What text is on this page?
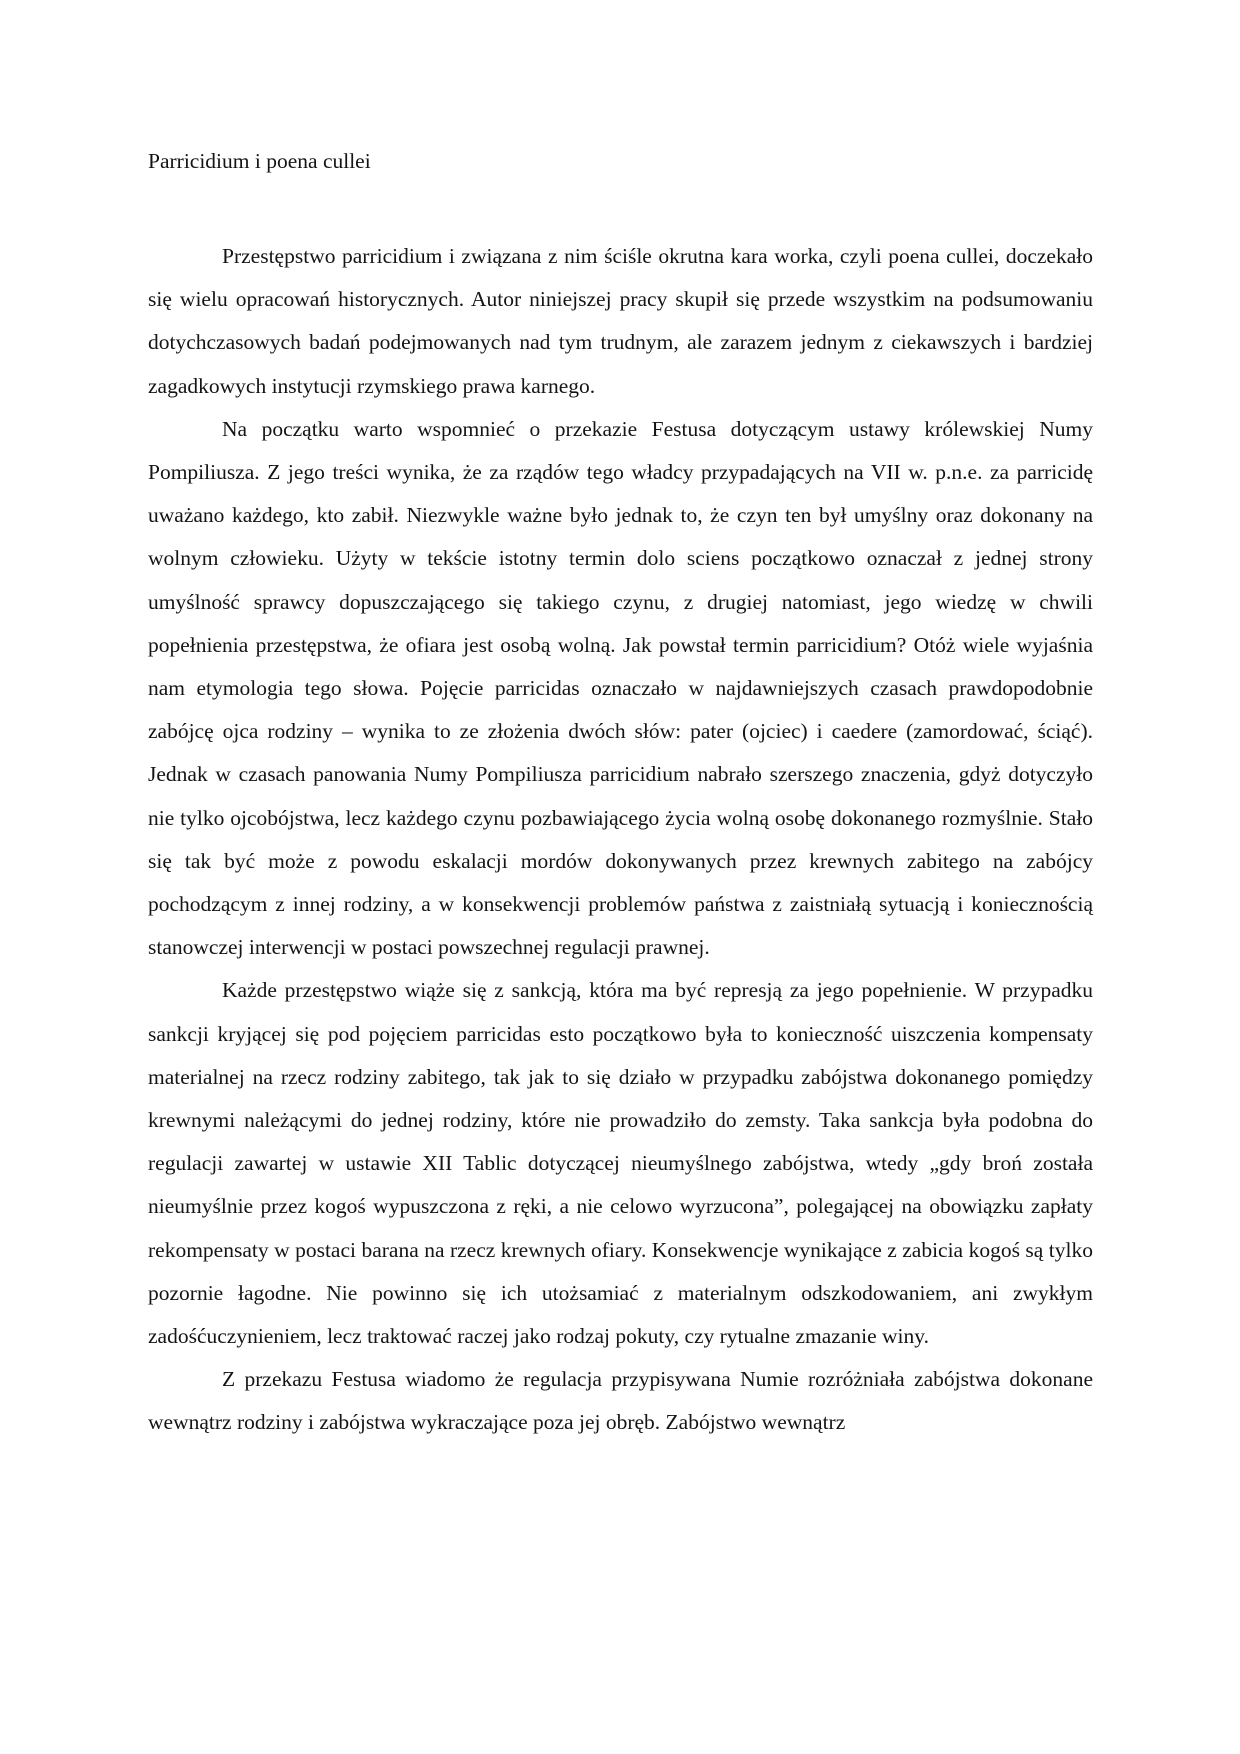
Parricidium i poena cullei

Przestępstwo parricidium i związana z nim ściśle okrutna kara worka, czyli poena cullei, doczekało się wielu opracowań historycznych. Autor niniejszej pracy skupił się przede wszystkim na podsumowaniu dotychczasowych badań podejmowanych nad tym trudnym, ale zarazem jednym z ciekawszych i bardziej zagadkowych instytucji rzymskiego prawa karnego.

Na początku warto wspomnieć o przekazie Festusa dotyczącym ustawy królewskiej Numy Pompiliusza. Z jego treści wynika, że za rządów tego władcy przypadających na VII w. p.n.e. za parricidę uważano każdego, kto zabił. Niezwykle ważne było jednak to, że czyn ten był umyślny oraz dokonany na wolnym człowieku. Użyty w tekście istotny termin dolo sciens początkowo oznaczał z jednej strony umyślność sprawcy dopuszczającego się takiego czynu, z drugiej natomiast, jego wiedzę w chwili popełnienia przestępstwa, że ofiara jest osobą wolną. Jak powstał termin parricidium? Otóż wiele wyjaśnia nam etymologia tego słowa. Pojęcie parricidas oznaczało w najdawniejszych czasach prawdopodobnie zabójcę ojca rodziny – wynika to ze złożenia dwóch słów: pater (ojciec) i caedere (zamordować, ściąć). Jednak w czasach panowania Numy Pompiliusza parricidium nabrało szerszego znaczenia, gdyż dotyczyło nie tylko ojcobójstwa, lecz każdego czynu pozbawiającego życia wolną osobę dokonanego rozmyślnie. Stało się tak być może z powodu eskalacji mordów dokonywanych przez krewnych zabitego na zabójcy pochodzącym z innej rodziny, a w konsekwencji problemów państwa z zaistniałą sytuacją i koniecznością stanowczej interwencji w postaci powszechnej regulacji prawnej.

Każde przestępstwo wiąże się z sankcją, która ma być represją za jego popełnienie. W przypadku sankcji kryjącej się pod pojęciem parricidas esto początkowo była to konieczność uiszczenia kompensaty materialnej na rzecz rodziny zabitego, tak jak to się działo w przypadku zabójstwa dokonanego pomiędzy krewnymi należącymi do jednej rodziny, które nie prowadziło do zemsty. Taka sankcja była podobna do regulacji zawartej w ustawie XII Tablic dotyczącej nieumyślnego zabójstwa, wtedy „gdy broń została nieumyślnie przez kogoś wypuszczona z ręki, a nie celowo wyrzucona”, polegającej na obowiązku zapłaty rekompensaty w postaci barana na rzecz krewnych ofiary. Konsekwencje wynikające z zabicia kogoś są tylko pozornie łagodne. Nie powinno się ich utożsamiać z materialnym odszkodowaniem, ani zwykłym zadośćuczynieniem, lecz traktować raczej jako rodzaj pokuty, czy rytualne zmazanie winy.

Z przekazu Festusa wiadomo że regulacja przypisywana Numie rozróżniała zabójstwa dokonane wewnątrz rodziny i zabójstwa wykraczające poza jej obręb. Zabójstwo wewnątrz
